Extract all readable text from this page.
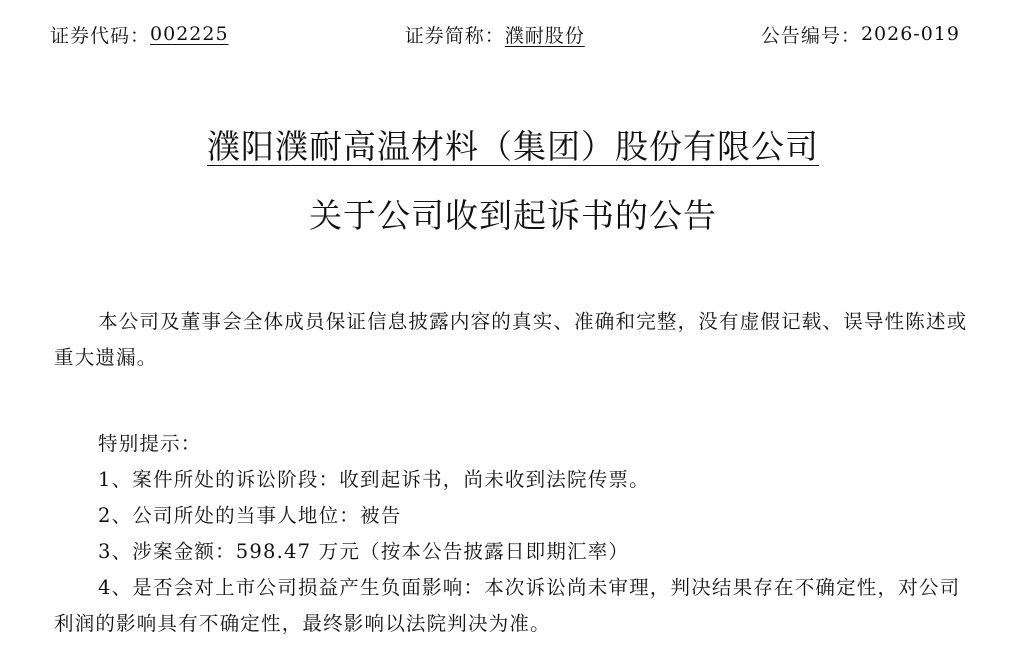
证券代码： 002225	证券简称： 濮耐股份	公告编号： 2026-019
濮阳濮耐高温材料（集团）股份有限公司
关于公司收到起诉书的公告
本公司及董事会全体成员保证信息披露内容的真实、准确和完整，没有虚假记载、误导性陈述或重大遗漏。
特别提示：
1、案件所处的诉讼阶段：收到起诉书，尚未收到法院传票。
2、公司所处的当事人地位：被告
3、涉案金额：598.47 万元（按本公告披露日即期汇率）
4、是否会对上市公司损益产生负面影响：本次诉讼尚未审理，判决结果存在不确定性，对公司利润的影响具有不确定性，最终影响以法院判决为准。
